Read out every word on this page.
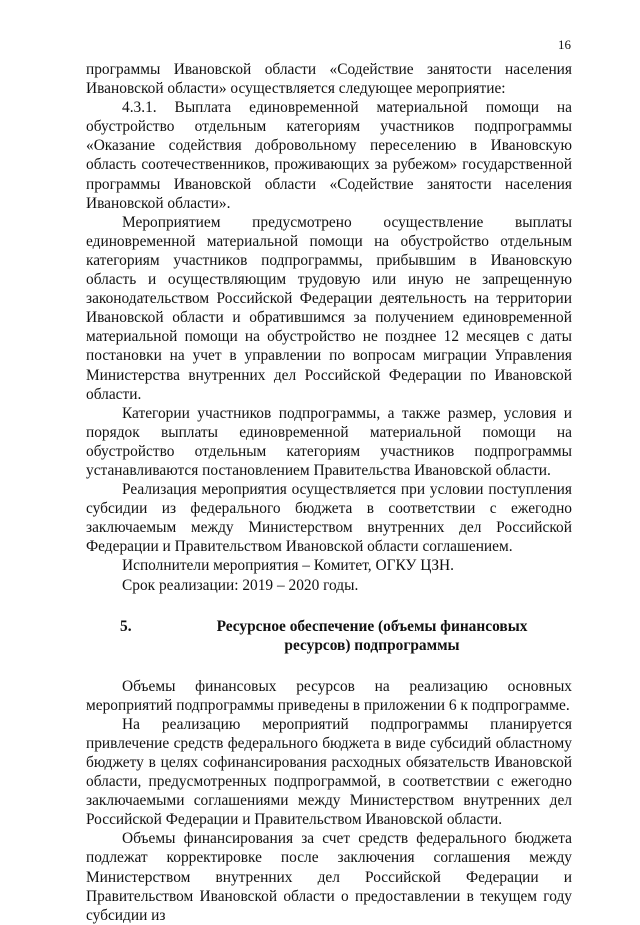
16

программы Ивановской области «Содействие занятости населения Ивановской области» осуществляется следующее мероприятие:

4.3.1. Выплата единовременной материальной помощи на обустройство отдельным категориям участников подпрограммы «Оказание содействия добровольному переселению в Ивановскую область соотечественников, проживающих за рубежом» государственной программы Ивановской области «Содействие занятости населения Ивановской области».

Мероприятием предусмотрено осуществление выплаты единовременной материальной помощи на обустройство отдельным категориям участников подпрограммы, прибывшим в Ивановскую область и осуществляющим трудовую или иную не запрещенную законодательством Российской Федерации деятельность на территории Ивановской области и обратившимся за получением единовременной материальной помощи на обустройство не позднее 12 месяцев с даты постановки на учет в управлении по вопросам миграции Управления Министерства внутренних дел Российской Федерации по Ивановской области.

Категории участников подпрограммы, а также размер, условия и порядок выплаты единовременной материальной помощи на обустройство отдельным категориям участников подпрограммы устанавливаются постановлением Правительства Ивановской области.

Реализация мероприятия осуществляется при условии поступления субсидии из федерального бюджета в соответствии с ежегодно заключаемым между Министерством внутренних дел Российской Федерации и Правительством Ивановской области соглашением.

Исполнители мероприятия – Комитет, ОГКУ ЦЗН.

Срок реализации: 2019 – 2020 годы.

5.	Ресурсное обеспечение (объемы финансовых ресурсов) подпрограммы

Объемы финансовых ресурсов на реализацию основных мероприятий подпрограммы приведены в приложении 6 к подпрограмме.

На реализацию мероприятий подпрограммы планируется привлечение средств федерального бюджета в виде субсидий областному бюджету в целях софинансирования расходных обязательств Ивановской области, предусмотренных подпрограммой, в соответствии с ежегодно заключаемыми соглашениями между Министерством внутренних дел Российской Федерации и Правительством Ивановской области.

Объемы финансирования за счет средств федерального бюджета подлежат корректировке после заключения соглашения между Министерством внутренних дел Российской Федерации и Правительством Ивановской области о предоставлении в текущем году субсидии из
